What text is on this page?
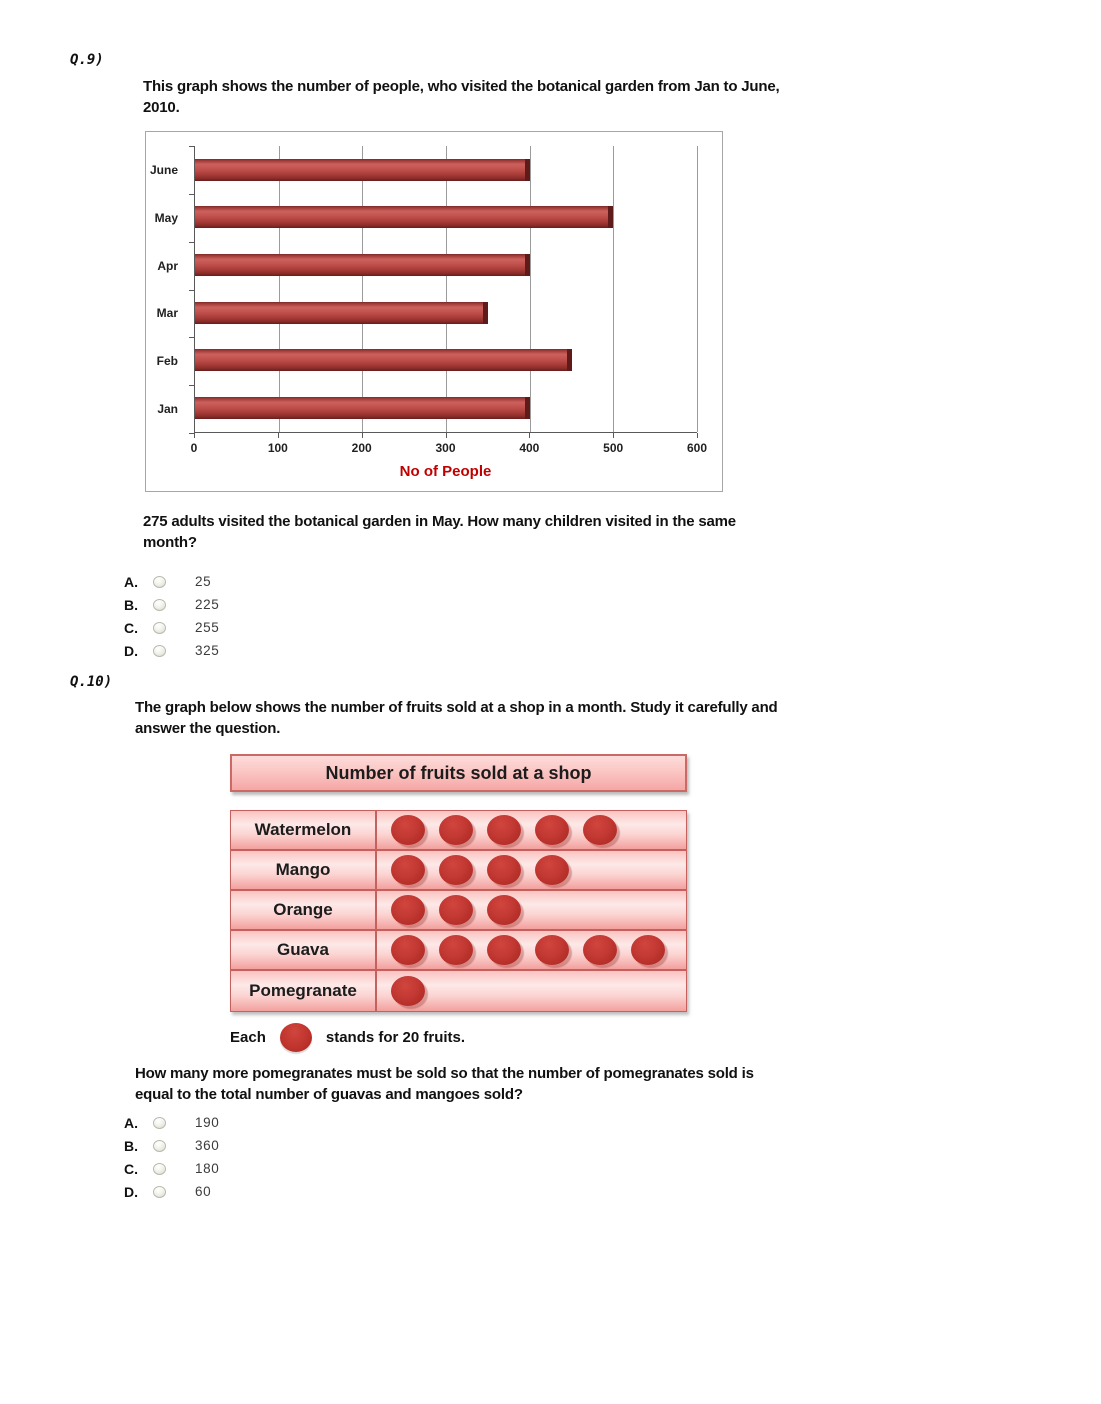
Q.9)
This graph shows the number of people, who visited the botanical garden from Jan to June,
2010.
June
May
Apr
Mar
Feb
Jan
0	100	200	300	400	500	600
No of People
275 adults visited the botanical garden in May. How many children visited in the same
month?
A.	25
B.	225
C.	255
D.	325
Q.10)
The graph below shows the number of fruits sold at a shop in a month. Study it carefully and
answer the question.
Number of fruits sold at a shop
Watermelon
Mango
Orange
Guava
Pomegranate
Each	stands for 20 fruits.
How many more pomegranates must be sold so that the number of pomegranates sold is
equal to the total number of guavas and mangoes sold?
A.	190
B.	360
C.	180
D.	60
